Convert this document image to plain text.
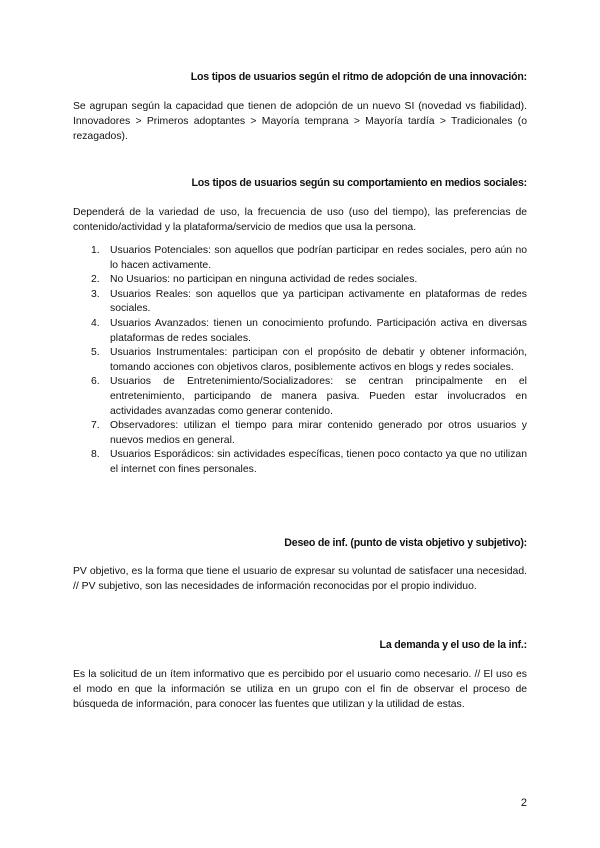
Los tipos de usuarios según el ritmo de adopción de una innovación:
Se agrupan según la capacidad que tienen de adopción de un nuevo SI (novedad vs fiabilidad). Innovadores > Primeros adoptantes > Mayoría temprana > Mayoría tardía > Tradicionales (o rezagados).
Los tipos de usuarios según su comportamiento en medios sociales:
Dependerá de la variedad de uso, la frecuencia de uso (uso del tiempo), las preferencias de contenido/actividad y la plataforma/servicio de medios que usa la persona.
1. Usuarios Potenciales: son aquellos que podrían participar en redes sociales, pero aún no lo hacen activamente.
2. No Usuarios: no participan en ninguna actividad de redes sociales.
3. Usuarios Reales: son aquellos que ya participan activamente en plataformas de redes sociales.
4. Usuarios Avanzados: tienen un conocimiento profundo. Participación activa en diversas plataformas de redes sociales.
5. Usuarios Instrumentales: participan con el propósito de debatir y obtener información, tomando acciones con objetivos claros, posiblemente activos en blogs y redes sociales.
6. Usuarios de Entretenimiento/Socializadores: se centran principalmente en el entretenimiento, participando de manera pasiva. Pueden estar involucrados en actividades avanzadas como generar contenido.
7. Observadores: utilizan el tiempo para mirar contenido generado por otros usuarios y nuevos medios en general.
8. Usuarios Esporádicos: sin actividades específicas, tienen poco contacto ya que no utilizan el internet con fines personales.
Deseo de inf. (punto de vista objetivo y subjetivo):
PV objetivo, es la forma que tiene el usuario de expresar su voluntad de satisfacer una necesidad. // PV subjetivo, son las necesidades de información reconocidas por el propio individuo.
La demanda y el uso de la inf.:
Es la solicitud de un ítem informativo que es percibido por el usuario como necesario. // El uso es el modo en que la información se utiliza en un grupo con el fin de observar el proceso de búsqueda de información, para conocer las fuentes que utilizan y la utilidad de estas.
2
